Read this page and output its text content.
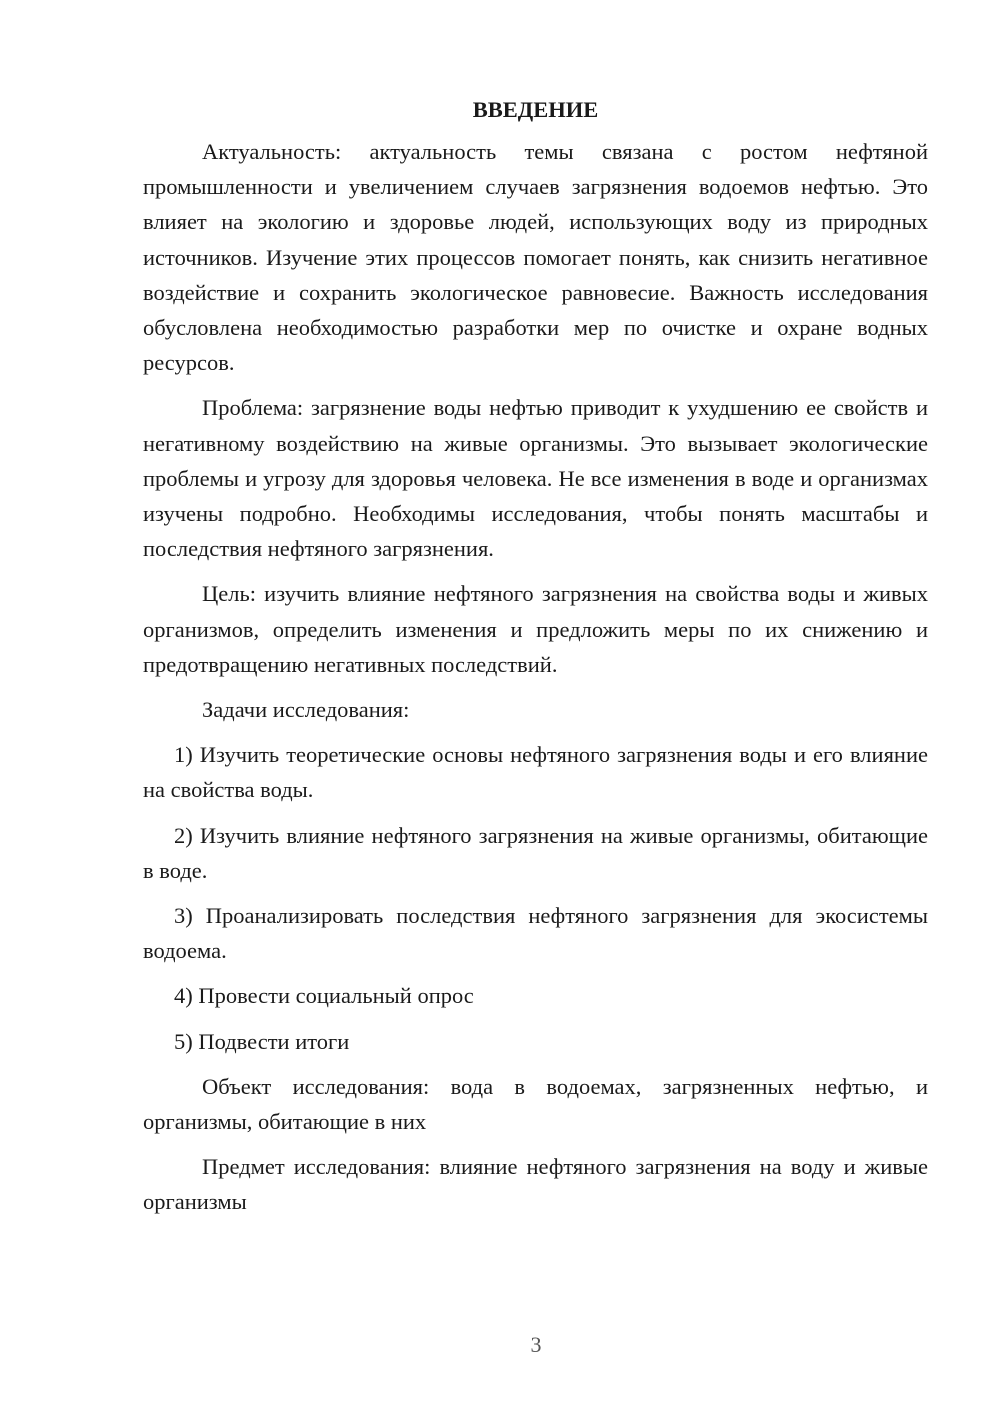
ВВЕДЕНИЕ

Актуальность: актуальность темы связана с ростом нефтяной промышленности и увеличением случаев загрязнения водоемов нефтью. Это влияет на экологию и здоровье людей, использующих воду из природных источников. Изучение этих процессов помогает понять, как снизить негативное воздействие и сохранить экологическое равновесие. Важность исследования обусловлена необходимостью разработки мер по очистке и охране водных ресурсов.

Проблема: загрязнение воды нефтью приводит к ухудшению ее свойств и негативному воздействию на живые организмы. Это вызывает экологические проблемы и угрозу для здоровья человека. Не все изменения в воде и организмах изучены подробно. Необходимы исследования, чтобы понять масштабы и последствия нефтяного загрязнения.

Цель: изучить влияние нефтяного загрязнения на свойства воды и живых организмов, определить изменения и предложить меры по их снижению и предотвращению негативных последствий.

Задачи исследования:

1) Изучить теоретические основы нефтяного загрязнения воды и его влияние на свойства воды.

2) Изучить влияние нефтяного загрязнения на живые организмы, обитающие в воде.

3) Проанализировать последствия нефтяного загрязнения для экосистемы водоема.

4) Провести социальный опрос

5) Подвести итоги

Объект исследования: вода в водоемах, загрязненных нефтью, и организмы, обитающие в них

Предмет исследования: влияние нефтяного загрязнения на воду и живые организмы

3
